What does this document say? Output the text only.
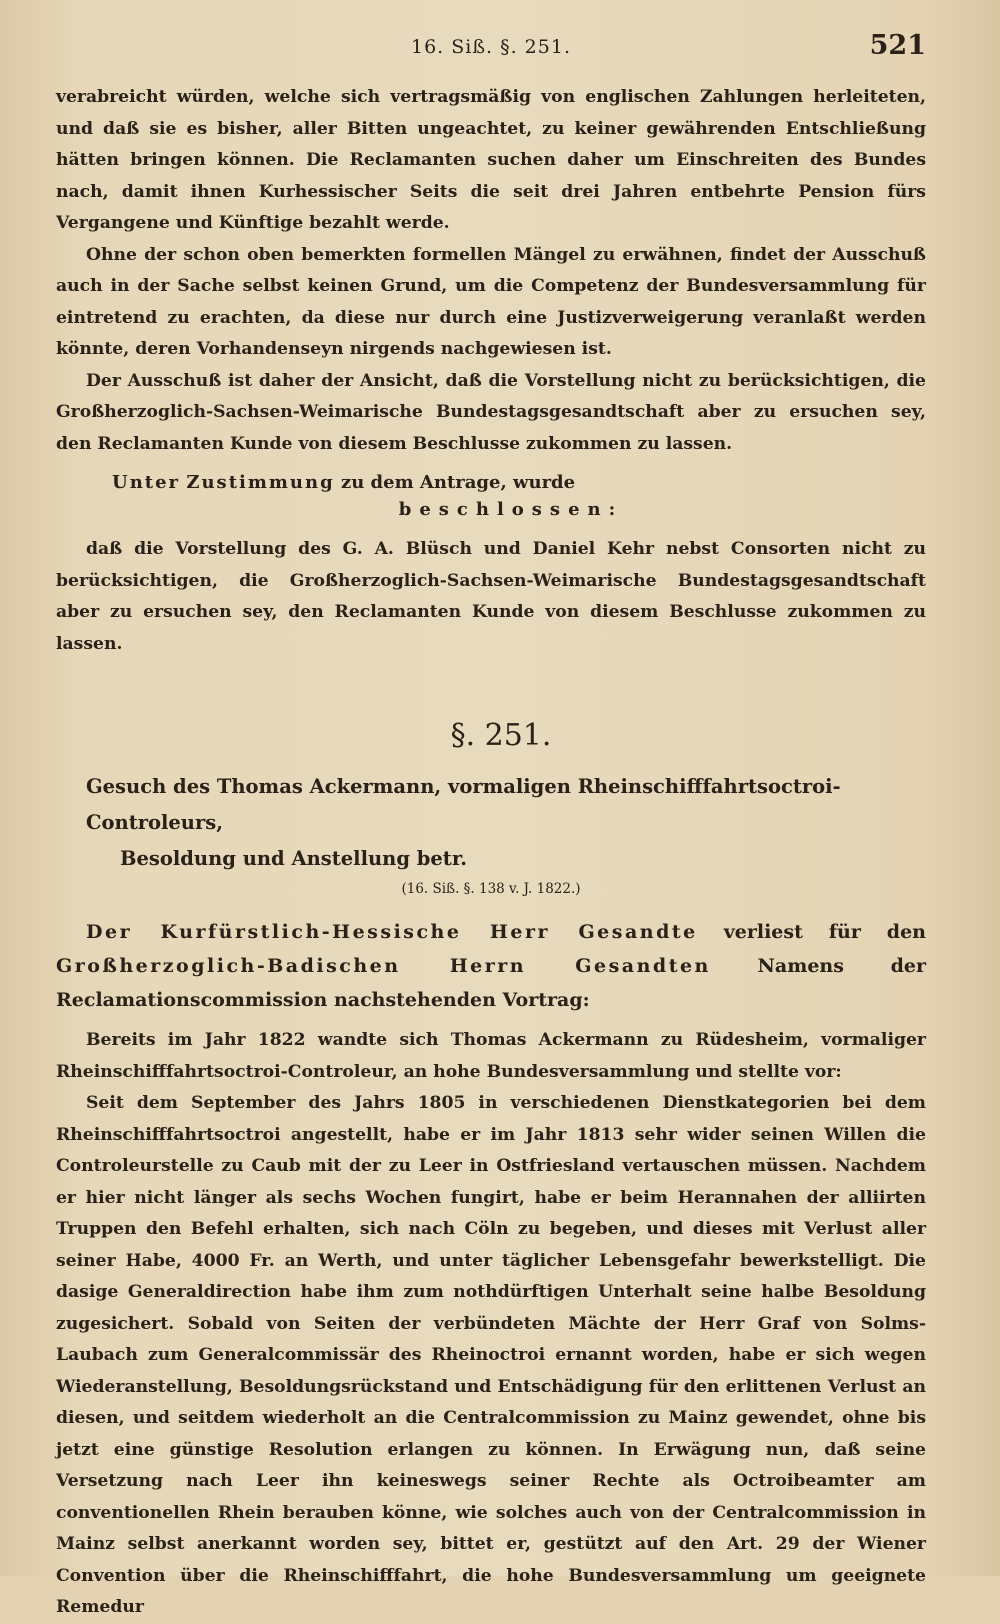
16. Siß. §. 251.	521

verabreicht würden, welche sich vertragsmäßig von englischen Zahlungen herleiteten, und daß sie es bisher, aller Bitten ungeachtet, zu keiner gewährenden Entschließung hätten bringen können. Die Reclamanten suchen daher um Einschreiten des Bundes nach, damit ihnen Kurhessischer Seits die seit drei Jahren entbehrte Pension fürs Vergangene und Künftige bezahlt werde.

Ohne der schon oben bemerkten formellen Mängel zu erwähnen, findet der Ausschuß auch in der Sache selbst keinen Grund, um die Competenz der Bundesversammlung für eintretend zu erachten, da diese nur durch eine Justizverweigerung veranlaßt werden könnte, deren Vorhandenseyn nirgends nachgewiesen ist.

Der Ausschuß ist daher der Ansicht, daß die Vorstellung nicht zu berücksichtigen, die Großherzoglich-Sachsen-Weimarische Bundestagsgesandtschaft aber zu ersuchen sey, den Reclamanten Kunde von diesem Beschlusse zukommen zu lassen.

Unter Zustimmung zu dem Antrage, wurde
beschlossen:

daß die Vorstellung des G. A. Blüsch und Daniel Kehr nebst Consorten nicht zu berücksichtigen, die Großherzoglich-Sachsen-Weimarische Bundestagsgesandtschaft aber zu ersuchen sey, den Reclamanten Kunde von diesem Beschlusse zukommen zu lassen.

§. 251.
Gesuch des Thomas Ackermann, vormaligen Rheinschifffahrtsoctroi-Controleurs,
Besoldung und Anstellung betr.
(16. Siß. §. 138 v. J. 1822.)

Der Kurfürstlich-Hessische Herr Gesandte verliest für den Großherzoglich-Badischen Herrn Gesandten Namens der Reclamationscommission nachstehenden Vortrag:

Bereits im Jahr 1822 wandte sich Thomas Ackermann zu Rüdesheim, vormaliger Rheinschifffahrtsoctroi-Controleur, an hohe Bundesversammlung und stellte vor:

Seit dem September des Jahrs 1805 in verschiedenen Dienstkategorien bei dem Rheinschifffahrtsoctroi angestellt, habe er im Jahr 1813 sehr wider seinen Willen die Controleurstelle zu Caub mit der zu Leer in Ostfriesland vertauschen müssen. Nachdem er hier nicht länger als sechs Wochen fungirt, habe er beim Herannahen der alliirten Truppen den Befehl erhalten, sich nach Cöln zu begeben, und dieses mit Verlust aller seiner Habe, 4000 Fr. an Werth, und unter täglicher Lebensgefahr bewerkstelligt. Die dasige Generaldirection habe ihm zum nothdürftigen Unterhalt seine halbe Besoldung zugesichert. Sobald von Seiten der verbündeten Mächte der Herr Graf von Solms-Laubach zum Generalcommissär des Rheinoctroi ernannt worden, habe er sich wegen Wiederanstellung, Besoldungsrückstand und Entschädigung für den erlittenen Verlust an diesen, und seitdem wiederholt an die Centralcommission zu Mainz gewendet, ohne bis jetzt eine günstige Resolution erlangen zu können. In Erwägung nun, daß seine Versetzung nach Leer ihn keineswegs seiner Rechte als Octroibeamter am conventionellen Rhein berauben könne, wie solches auch von der Centralcommission in Mainz selbst anerkannt worden sey, bittet er, gestützt auf den Art. 29 der Wiener Convention über die Rheinschifffahrt, die hohe Bundesversammlung um geeignete Remedur
